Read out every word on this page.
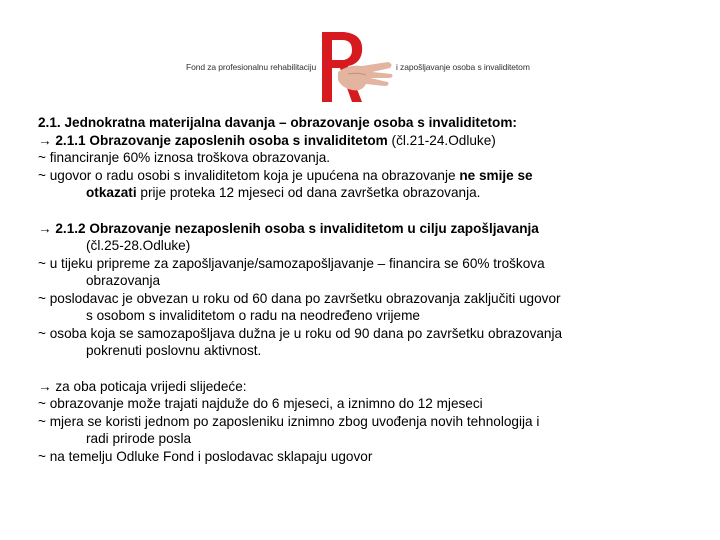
Fond za profesionalnu rehabilitaciju	i zapošljavanje osoba s invaliditetom
2.1. Jednokratna materijalna davanja – obrazovanje osoba s invaliditetom:
→ 2.1.1 Obrazovanje zaposlenih osoba s invaliditetom (čl.21-24.Odluke)
~ financiranje 60% iznosa troškova obrazovanja.
~ ugovor o radu osobi s invaliditetom koja je upućena na obrazovanje ne smije se
otkazati prije proteka 12 mjeseci od dana završetka obrazovanja.
→ 2.1.2 Obrazovanje nezaposlenih osoba s invaliditetom u cilju zapošljavanja
(čl.25-28.Odluke)
~ u tijeku pripreme za zapošljavanje/samozapošljavanje – financira se 60% troškova
obrazovanja
~ poslodavac je obvezan u roku od 60 dana po završetku obrazovanja zaključiti ugovor
s osobom s invaliditetom o radu na neodređeno vrijeme
~ osoba koja se samozapošljava dužna je u roku od 90 dana po završetku obrazovanja
pokrenuti poslovnu aktivnost.
→ za oba poticaja vrijedi slijedeće:
~ obrazovanje može trajati najduže do 6 mjeseci, a iznimno do 12 mjeseci
~ mjera se koristi jednom po zaposleniku iznimno zbog uvođenja novih tehnologija i
radi prirode posla
~ na temelju Odluke Fond i poslodavac sklapaju ugovor
